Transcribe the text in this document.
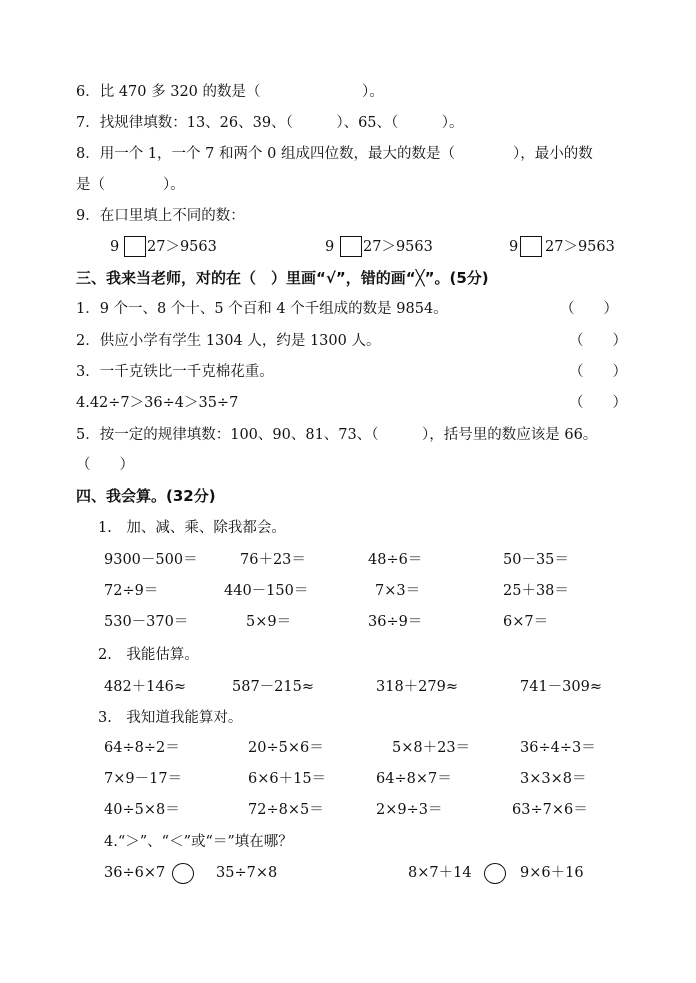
6．比 470 多 320 的数是（　　　　　　　）。
7．找规律填数：13、26、39、（　　　）、65、（　　　）。
8．用一个 1，一个 7 和两个 0 组成四位数，最大的数是（　　　　），最小的数
是（　　　　）。
9．在口里填上不同的数：
9 27＞9563	9 27＞9563	9 27＞9563
三、我来当老师，对的在（　）里画“√”，错的画“╳”。(5分)
1．9 个一、8 个十、5 个百和 4 个千组成的数是 9854。	（　　）
2．供应小学有学生 1304 人，约是 1300 人。	（　　）
3．一千克铁比一千克棉花重。	（　　）
4.42÷7＞36÷4＞35÷7	（　　）
5．按一定的规律填数：100、90、81、73、（　　　），括号里的数应该是 66。
（　　）
四、我会算。(32分)
1.　加、减、乘、除我都会。
9300－500＝	76＋23＝	48÷6＝	50－35＝
72÷9＝	440－150＝	7×3＝	25＋38＝
530－370＝	5×9＝	36÷9＝	6×7＝
2.　我能估算。
482＋146≈	587－215≈	318＋279≈	741－309≈
3.　我知道我能算对。
64÷8÷2＝	20÷5×6＝	5×8＋23＝	36÷4÷3＝
7×9－17＝	6×6＋15＝	64÷8×7＝	3×3×8＝
40÷5×8＝	72÷8×5＝	2×9÷3＝	63÷7×6＝
4.“＞”、“＜”或“＝”填在哪？
36÷6×7	35÷7×8	8×7＋14	9×6＋16
